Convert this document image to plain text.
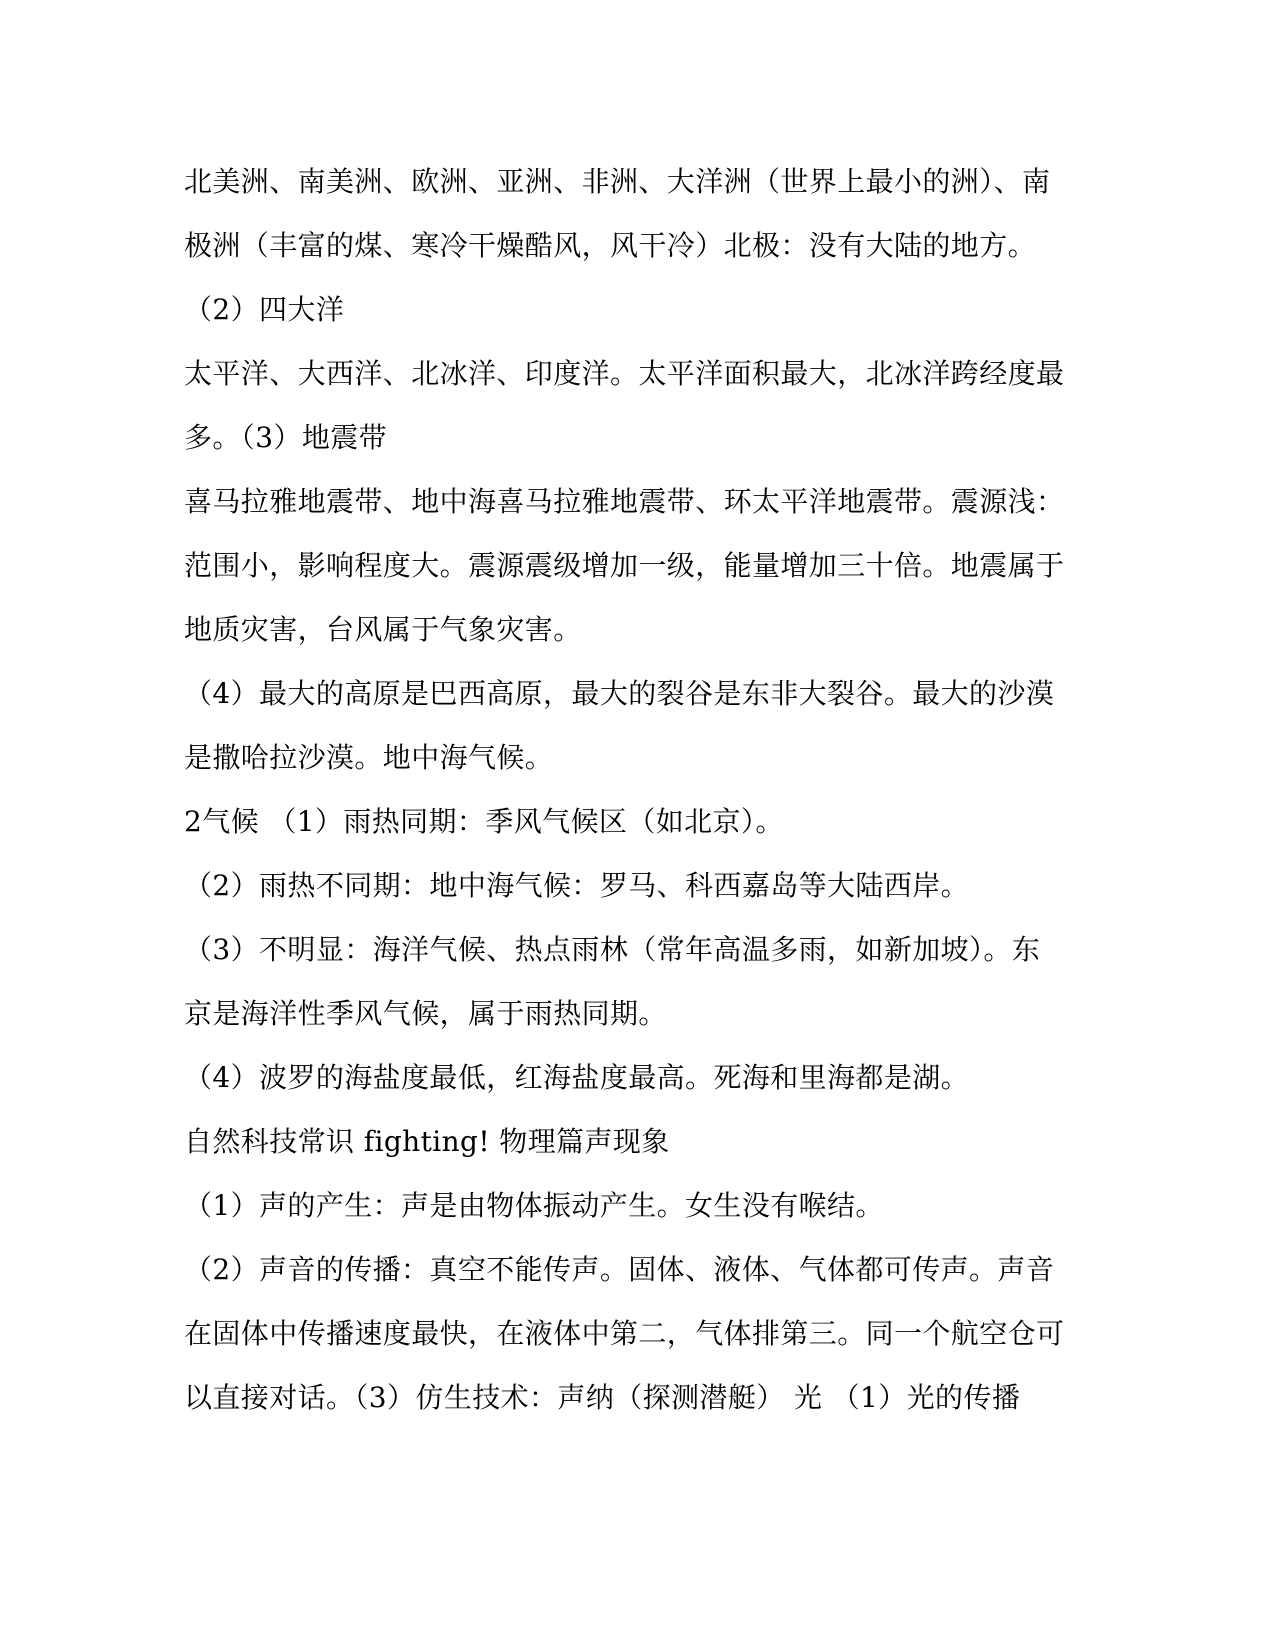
北美洲、南美洲、欧洲、亚洲、非洲、大洋洲（世界上最小的洲）、南
极洲（丰富的煤、寒冷干燥酷风，风干冷）北极：没有大陆的地方。
（2）四大洋
太平洋、大西洋、北冰洋、印度洋。太平洋面积最大，北冰洋跨经度最
多。（3）地震带
喜马拉雅地震带、地中海喜马拉雅地震带、环太平洋地震带。震源浅：
范围小，影响程度大。震源震级增加一级，能量增加三十倍。地震属于
地质灾害，台风属于气象灾害。
（4）最大的高原是巴西高原，最大的裂谷是东非大裂谷。最大的沙漠
是撒哈拉沙漠。地中海气候。
2气候 （1）雨热同期：季风气候区（如北京）。
（2）雨热不同期：地中海气候：罗马、科西嘉岛等大陆西岸。
（3）不明显：海洋气候、热点雨林（常年高温多雨，如新加坡）。东
京是海洋性季风气候，属于雨热同期。
（4）波罗的海盐度最低，红海盐度最高。死海和里海都是湖。
自然科技常识 fighting! 物理篇声现象
（1）声的产生：声是由物体振动产生。女生没有喉结。
（2）声音的传播：真空不能传声。固体、液体、气体都可传声。声音
在固体中传播速度最快，在液体中第二，气体排第三。同一个航空仓可
以直接对话。（3）仿生技术：声纳（探测潜艇） 光 （1）光的传播
